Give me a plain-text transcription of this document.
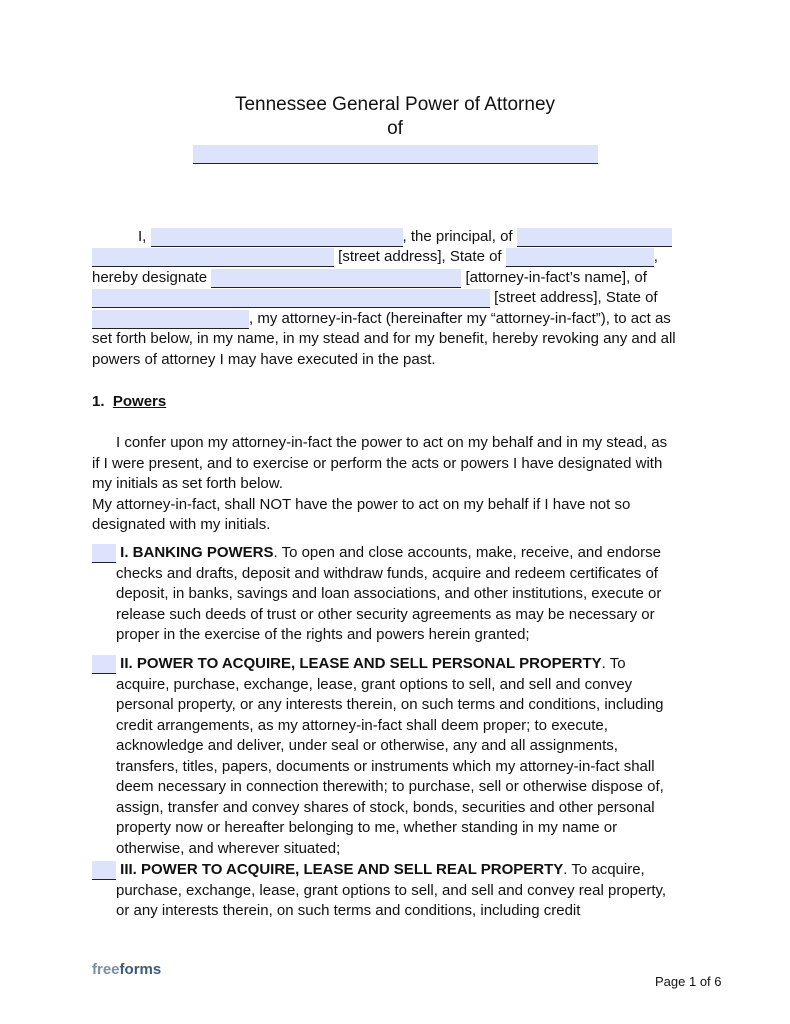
Tennessee General Power of Attorney
of
I,	, the principal, of
[street address], State of	,
hereby designate	[attorney-in-fact’s name], of
[street address], State of
, my attorney-in-fact (hereinafter my “attorney-in-fact”), to act as
set forth below, in my name, in my stead and for my benefit, hereby revoking any and all
powers of attorney I may have executed in the past.
1. Powers
I confer upon my attorney-in-fact the power to act on my behalf and in my stead, as
if I were present, and to exercise or perform the acts or powers I have designated with
my initials as set forth below.
My attorney-in-fact, shall NOT have the power to act on my behalf if I have not so
designated with my initials.
I. BANKING POWERS. To open and close accounts, make, receive, and endorse
checks and drafts, deposit and withdraw funds, acquire and redeem certificates of
deposit, in banks, savings and loan associations, and other institutions, execute or
release such deeds of trust or other security agreements as may be necessary or
proper in the exercise of the rights and powers herein granted;
II. POWER TO ACQUIRE, LEASE AND SELL PERSONAL PROPERTY. To
acquire, purchase, exchange, lease, grant options to sell, and sell and convey
personal property, or any interests therein, on such terms and conditions, including
credit arrangements, as my attorney-in-fact shall deem proper; to execute,
acknowledge and deliver, under seal or otherwise, any and all assignments,
transfers, titles, papers, documents or instruments which my attorney-in-fact shall
deem necessary in connection therewith; to purchase, sell or otherwise dispose of,
assign, transfer and convey shares of stock, bonds, securities and other personal
property now or hereafter belonging to me, whether standing in my name or
otherwise, and wherever situated;
III. POWER TO ACQUIRE, LEASE AND SELL REAL PROPERTY. To acquire,
purchase, exchange, lease, grant options to sell, and sell and convey real property,
or any interests therein, on such terms and conditions, including credit
freeforms
Page 1 of 6
